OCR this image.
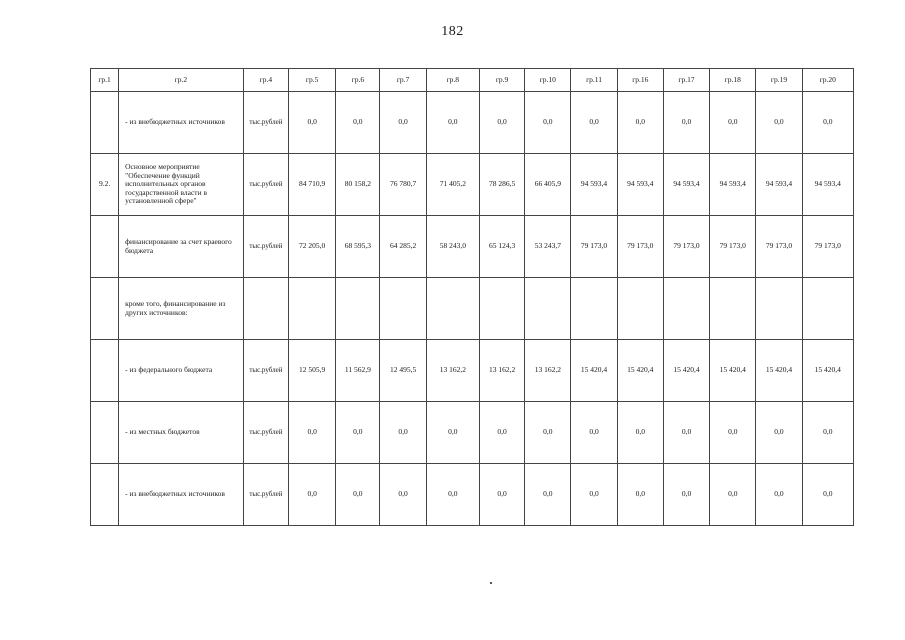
182
гр.1	гр.2	гр.4	гр.5	гр.6	гр.7	гр.8	гр.9	гр.10	гр.11	гр.16	гр.17	гр.18	гр.19	гр.20
	- из внебюджетных источников	тыс.рублей	0,0	0,0	0,0	0,0	0,0	0,0	0,0	0,0	0,0	0,0	0,0	0,0
9.2.	Основное мероприятие "Обеспечение функций исполнительных органов государственной власти в установленной сфере"	тыс.рублей	84 710,9	80 158,2	76 780,7	71 405,2	78 286,5	66 405,9	94 593,4	94 593,4	94 593,4	94 593,4	94 593,4	94 593,4
	финансирование за счет краевого бюджета	тыс.рублей	72 205,0	68 595,3	64 285,2	58 243,0	65 124,3	53 243,7	79 173,0	79 173,0	79 173,0	79 173,0	79 173,0	79 173,0
	кроме того, финансирование из других источников:													
	- из федерального бюджета	тыс.рублей	12 505,9	11 562,9	12 495,5	13 162,2	13 162,2	13 162,2	15 420,4	15 420,4	15 420,4	15 420,4	15 420,4	15 420,4
	- из местных бюджетов	тыс.рублей	0,0	0,0	0,0	0,0	0,0	0,0	0,0	0,0	0,0	0,0	0,0	0,0
	- из внебюджетных источников	тыс.рублей	0,0	0,0	0,0	0,0	0,0	0,0	0,0	0,0	0,0	0,0	0,0	0,0
